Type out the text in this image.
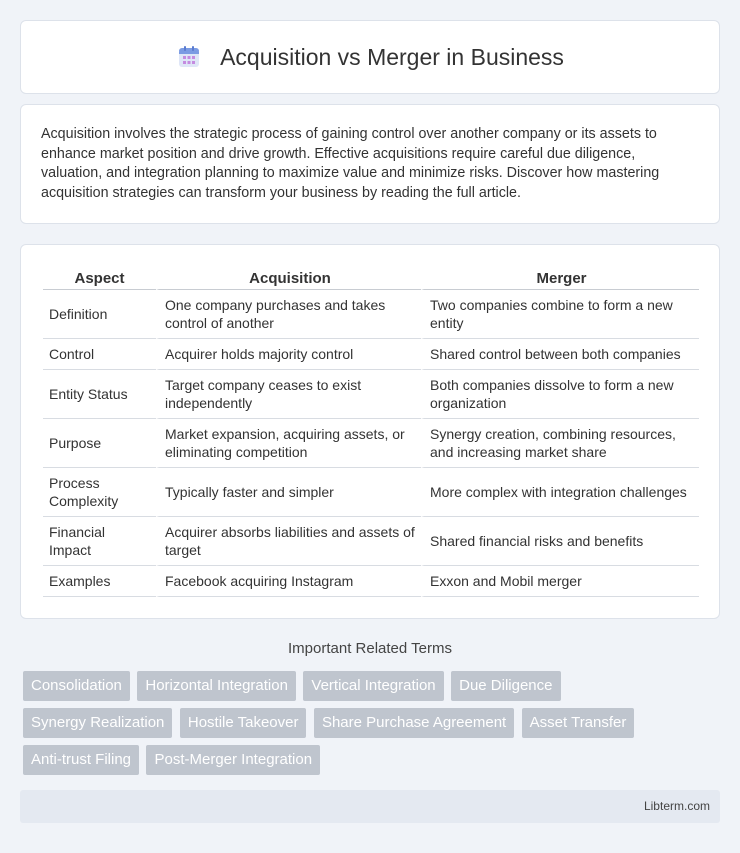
Acquisition vs Merger in Business

Acquisition involves the strategic process of gaining control over another company or its assets to enhance market position and drive growth. Effective acquisitions require careful due diligence, valuation, and integration planning to maximize value and minimize risks. Discover how mastering acquisition strategies can transform your business by reading the full article.

Aspect	Acquisition	Merger
Definition	One company purchases and takes control of another	Two companies combine to form a new entity
Control	Acquirer holds majority control	Shared control between both companies
Entity Status	Target company ceases to exist independently	Both companies dissolve to form a new organization
Purpose	Market expansion, acquiring assets, or eliminating competition	Synergy creation, combining resources, and increasing market share
Process Complexity	Typically faster and simpler	More complex with integration challenges
Financial Impact	Acquirer absorbs liabilities and assets of target	Shared financial risks and benefits
Examples	Facebook acquiring Instagram	Exxon and Mobil merger
Important Related Terms
Consolidation Horizontal Integration Vertical Integration Due Diligence Synergy Realization Hostile Takeover Share Purchase Agreement Asset Transfer Anti-trust Filing Post-Merger Integration
Libterm.com
